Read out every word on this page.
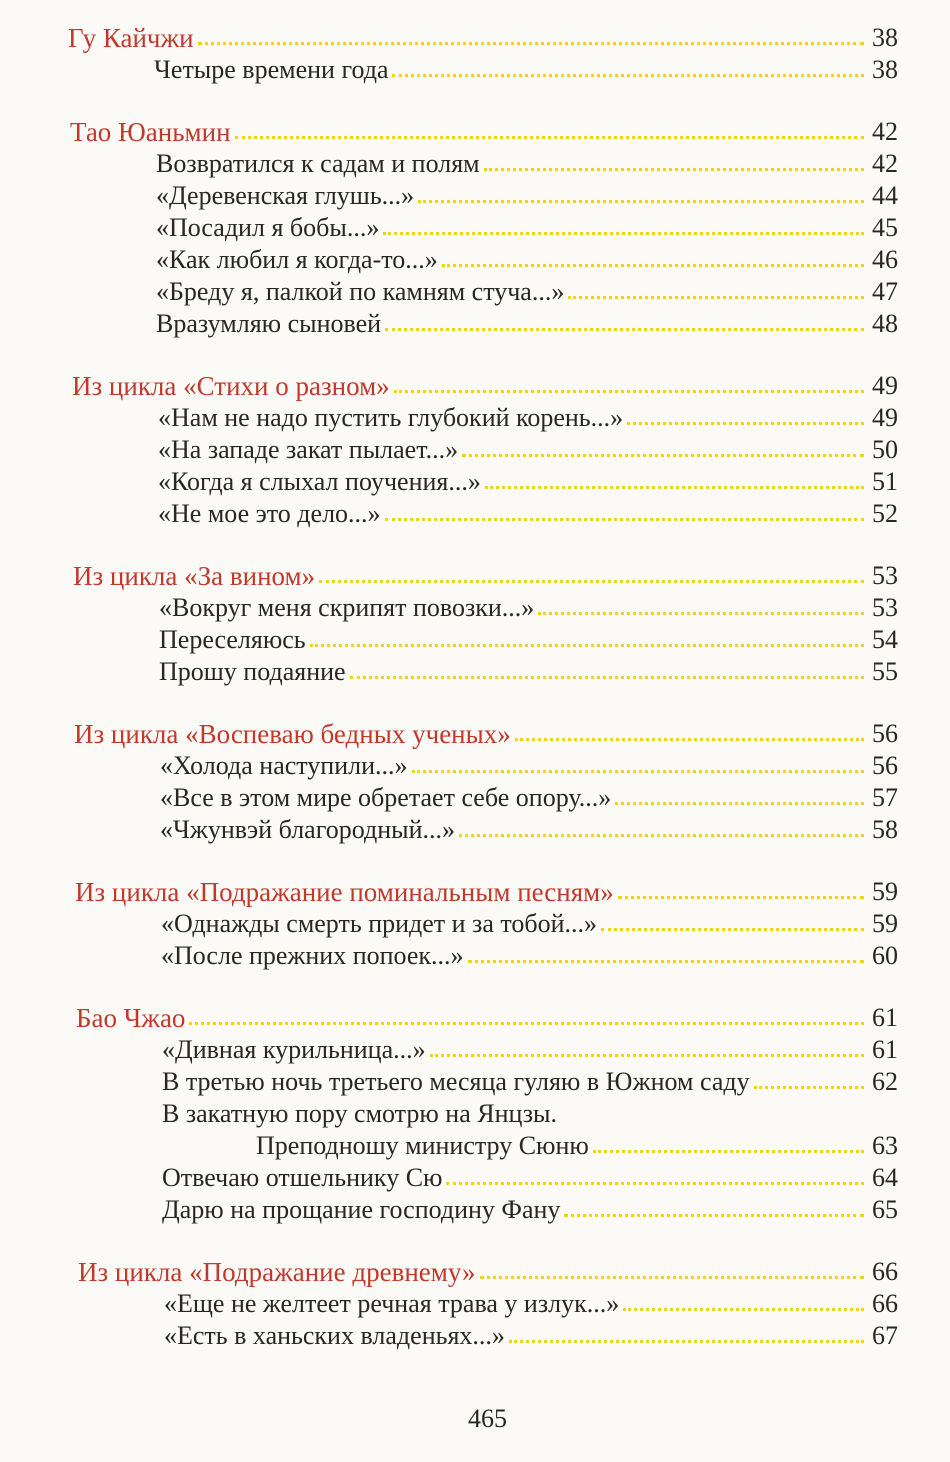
Гу Кайчжи	38
Четыре времени года	38
Тао Юаньмин	42
Возвратился к садам и полям	42
«Деревенская глушь...»	44
«Посадил я бобы...»	45
«Как любил я когда-то...»	46
«Бреду я, палкой по камням стуча...»	47
Вразумляю сыновей	48
Из цикла «Стихи о разном»	49
«Нам не надо пустить глубокий корень...»	49
«На западе закат пылает...»	50
«Когда я слыхал поучения...»	51
«Не мое это дело...»	52
Из цикла «За вином»	53
«Вокруг меня скрипят повозки...»	53
Переселяюсь	54
Прошу подаяние	55
Из цикла «Воспеваю бедных ученых»	56
«Холода наступили...»	56
«Все в этом мире обретает себе опору...»	57
«Чжунвэй благородный...»	58
Из цикла «Подражание поминальным песням»	59
«Однажды смерть придет и за тобой...»	59
«После прежних попоек...»	60
Бао Чжао	61
«Дивная курильница...»	61
В третью ночь третьего месяца гуляю в Южном саду	62
В закатную пору смотрю на Янцзы.
Преподношу министру Сюню	63
Отвечаю отшельнику Сю	64
Дарю на прощание господину Фану	65
Из цикла «Подражание древнему»	66
«Еще не желтеет речная трава у излук...»	66
«Есть в ханьских владеньях...»	67
465
